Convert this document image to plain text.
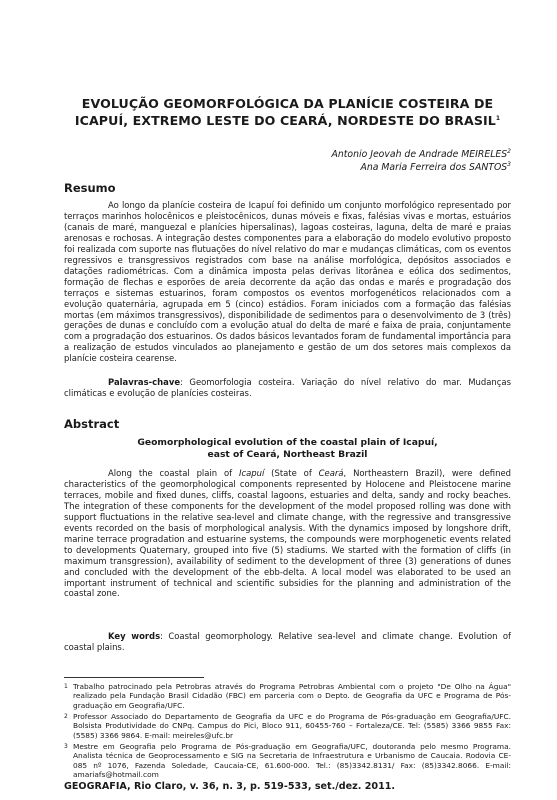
EVOLUÇÃO GEOMORFOLÓGICA DA PLANÍCIE COSTEIRA DE
ICAPUÍ, EXTREMO LESTE DO CEARÁ, NORDESTE DO BRASIL$^1$
Antonio Jeovah de Andrade MEIRELES$^2$
Ana Maria Ferreira dos SANTOS$^3$
Resumo

Ao longo da planície costeira de Icapuí foi definido um conjunto morfológico representado por terraços marinhos holocênicos e pleistocênicos, dunas móveis e fixas, falésias vivas e mortas, estuários (canais de maré, manguezal e planícies hipersalinas), lagoas costeiras, laguna, delta de maré e praias arenosas e rochosas. A integração destes componentes para a elaboração do modelo evolutivo proposto foi realizada com suporte nas flutuações do nível relativo do mar e mudanças climáticas, com os eventos regressivos e transgressivos registrados com base na análise morfológica, depósitos associados e datações radiométricas. Com a dinâmica imposta pelas derivas litorânea e eólica dos sedimentos, formação de flechas e esporões de areia decorrente da ação das ondas e marés e progradação dos terraços e sistemas estuarinos, foram compostos os eventos morfogenéticos relacionados com a evolução quaternária, agrupada em 5 (cinco) estádios. Foram iniciados com a formação das falésias mortas (em máximos transgressivos), disponibilidade de sedimentos para o desenvolvimento de 3 (três) gerações de dunas e concluído com a evolução atual do delta de maré e faixa de praia, conjuntamente com a progradação dos estuarinos. Os dados básicos levantados foram de fundamental importância para a realização de estudos vinculados ao planejamento e gestão de um dos setores mais complexos da planície costeira cearense.

Palavras-chave: Geomorfologia costeira. Variação do nível relativo do mar. Mudanças climáticas e evolução de planícies costeiras.

Abstract
Geomorphological evolution of the coastal plain of Icapuí,
east of Ceará, Northeast Brazil

Along the coastal plain of Icapuí (State of Ceará, Northeastern Brazil), were defined characteristics of the geomorphological components represented by Holocene and Pleistocene marine terraces, mobile and fixed dunes, cliffs, coastal lagoons, estuaries and delta, sandy and rocky beaches. The integration of these components for the development of the model proposed rolling was done with support fluctuations in the relative sea-level and climate change, with the regressive and transgressive events recorded on the basis of morphological analysis. With the dynamics imposed by longshore drift, marine terrace progradation and estuarine systems, the compounds were morphogenetic events related to developments Quaternary, grouped into five (5) stadiums. We started with the formation of cliffs (in maximum transgression), availability of sediment to the development of three (3) generations of dunes and concluded with the development of the ebb-delta. A local model was elaborated to be used an important instrument of technical and scientific subsidies for the planning and administration of the coastal zone.

Key words: Coastal geomorphology. Relative sea-level and climate change. Evolution of coastal plains.

1 Trabalho patrocinado pela Petrobras através do Programa Petrobras Ambiental com o projeto "De Olho na Água" realizado pela Fundação Brasil Cidadão (FBC) em parceria com o Depto. de Geografia da UFC e Programa de Pós-graduação em Geografia/UFC.
2 Professor Associado do Departamento de Geografia da UFC e do Programa de Pós-graduação em Geografia/UFC. Bolsista Produtividade do CNPq. Campus do Pici, Bloco 911, 60455-760 – Fortaleza/CE. Tel: (5585) 3366 9855 Fax: (5585) 3366 9864. E-mail: meireles@ufc.br
3 Mestre em Geografia pelo Programa de Pós-graduação em Geografia/UFC, doutoranda pelo mesmo Programa. Analista técnica de Geoprocessamento e SIG na Secretaria de Infraestrutura e Urbanismo de Caucaia. Rodovia CE-085 nº 1076, Fazenda Soledade, Caucaia-CE, 61.600-000. Tel.: (85)3342.8131/ Fax: (85)3342.8066. E-mail: amariafs@hotmail.com
GEOGRAFIA, Rio Claro, v. 36, n. 3, p. 519-533, set./dez. 2011.
